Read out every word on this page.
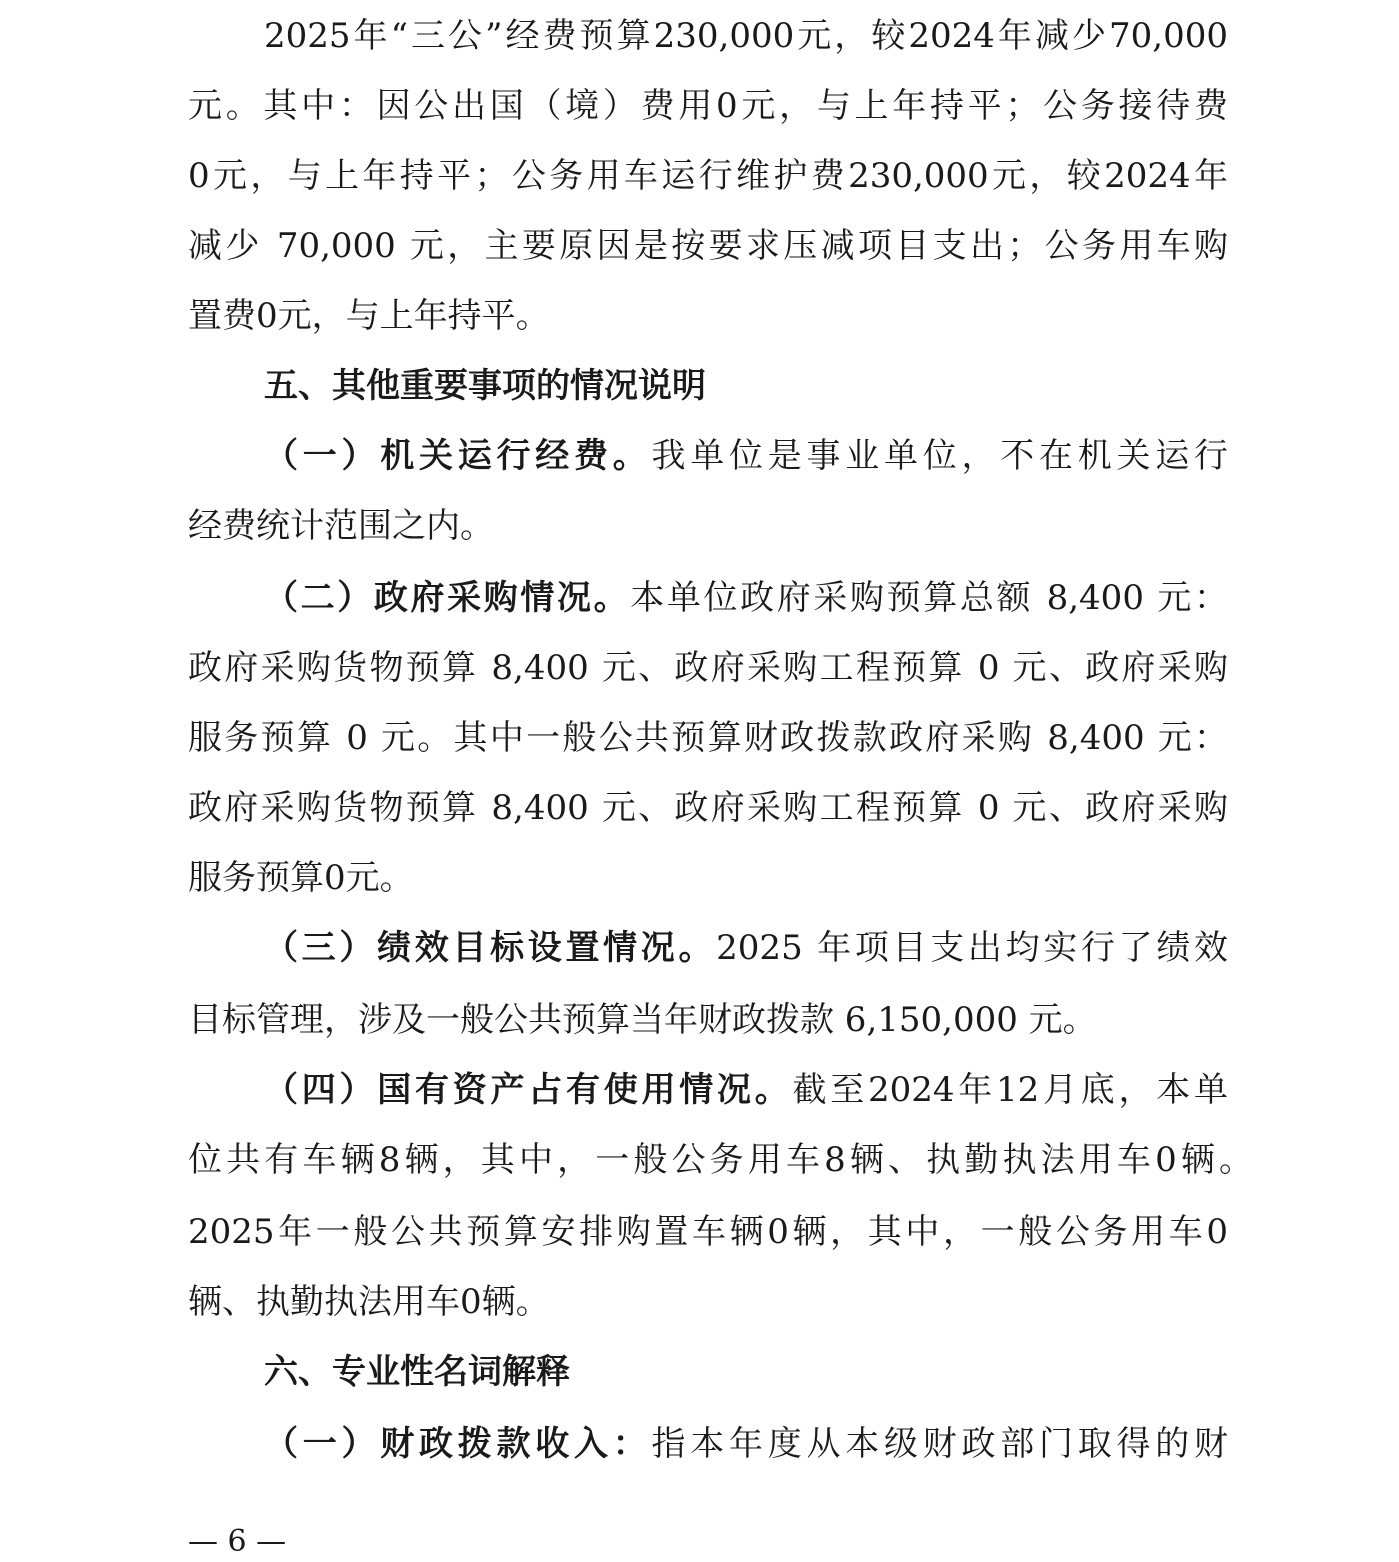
2025年“三公”经费预算230,000元，较2024年减少70,000
元。其中：因公出国（境）费用0元，与上年持平；公务接待费
0元，与上年持平；公务用车运行维护费230,000元，较2024年
减少 70,000 元，主要原因是按要求压减项目支出；公务用车购
置费0元，与上年持平。
五、其他重要事项的情况说明
（一）机关运行经费。我单位是事业单位，不在机关运行
经费统计范围之内。
（二）政府采购情况。本单位政府采购预算总额 8,400 元：
政府采购货物预算 8,400 元、政府采购工程预算 0 元、政府采购
服务预算 0 元。其中一般公共预算财政拨款政府采购 8,400 元：
政府采购货物预算 8,400 元、政府采购工程预算 0 元、政府采购
服务预算0元。
（三）绩效目标设置情况。2025 年项目支出均实行了绩效
目标管理，涉及一般公共预算当年财政拨款 6,150,000 元。
（四）国有资产占有使用情况。截至2024年12月底，本单
位共有车辆8辆，其中，一般公务用车8辆、执勤执法用车0辆。
2025年一般公共预算安排购置车辆0辆，其中，一般公务用车0
辆、执勤执法用车0辆。
六、专业性名词解释
（一）财政拨款收入：指本年度从本级财政部门取得的财
— 6 —
